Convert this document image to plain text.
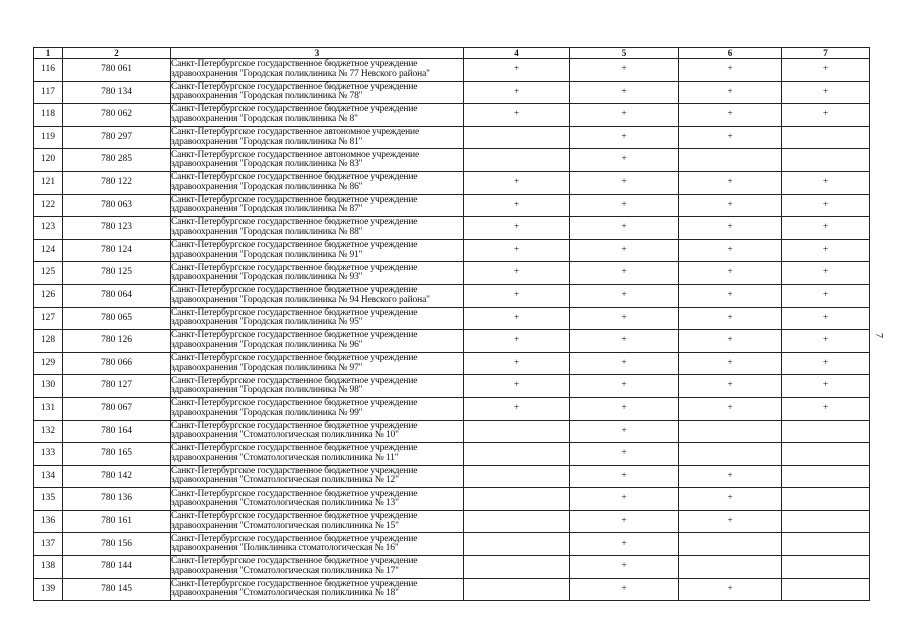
1	2	3	4	5	6	7
116	780 061	Санкт-Петербургское государственное бюджетное учреждение
здравоохранения "Городская поликлиника № 77 Невского района"	+	+	+	+
117	780 134	Санкт-Петербургское государственное бюджетное учреждение
здравоохранения "Городская поликлиника № 78"	+	+	+	+
118	780 062	Санкт-Петербургское государственное бюджетное учреждение
здравоохранения "Городская поликлиника № 8"	+	+	+	+
119	780 297	Санкт-Петербургское государственное автономное учреждение
здравоохранения "Городская поликлиника № 81"		+	+	
120	780 285	Санкт-Петербургское государственное автономное учреждение
здравоохранения "Городская поликлиника № 83"		+		
121	780 122	Санкт-Петербургское государственное бюджетное учреждение
здравоохранения "Городская поликлиника № 86"	+	+	+	+
122	780 063	Санкт-Петербургское государственное бюджетное учреждение
здравоохранения "Городская поликлиника № 87"	+	+	+	+
123	780 123	Санкт-Петербургское государственное бюджетное учреждение
здравоохранения "Городская поликлиника № 88"	+	+	+	+
124	780 124	Санкт-Петербургское государственное бюджетное учреждение
здравоохранения "Городская поликлиника № 91"	+	+	+	+
125	780 125	Санкт-Петербургское государственное бюджетное учреждение
здравоохранения "Городская поликлиника № 93"	+	+	+	+
126	780 064	Санкт-Петербургское государственное бюджетное учреждение
здравоохранения "Городская поликлиника № 94 Невского района"	+	+	+	+
127	780 065	Санкт-Петербургское государственное бюджетное учреждение
здравоохранения "Городская поликлиника № 95"	+	+	+	+
128	780 126	Санкт-Петербургское государственное бюджетное учреждение
здравоохранения "Городская поликлиника № 96"	+	+	+	+
129	780 066	Санкт-Петербургское государственное бюджетное учреждение
здравоохранения "Городская поликлиника № 97"	+	+	+	+
130	780 127	Санкт-Петербургское государственное бюджетное учреждение
здравоохранения "Городская поликлиника № 98"	+	+	+	+
131	780 067	Санкт-Петербургское государственное бюджетное учреждение
здравоохранения "Городская поликлиника № 99"	+	+	+	+
132	780 164	Санкт-Петербургское государственное бюджетное учреждение
здравоохранения "Стоматологическая поликлиника № 10"		+		
133	780 165	Санкт-Петербургское государственное бюджетное учреждение
здравоохранения "Стоматологическая поликлиника № 11"		+		
134	780 142	Санкт-Петербургское государственное бюджетное учреждение
здравоохранения "Стоматологическая поликлиника № 12"		+	+	
135	780 136	Санкт-Петербургское государственное бюджетное учреждение
здравоохранения "Стоматологическая поликлиника № 13"		+	+	
136	780 161	Санкт-Петербургское государственное бюджетное учреждение
здравоохранения "Стоматологическая поликлиника № 15"		+	+	
137	780 156	Санкт-Петербургское государственное бюджетное учреждение
здравоохранения "Поликлиника стоматологическая № 16"		+		
138	780 144	Санкт-Петербургское государственное бюджетное учреждение
здравоохранения "Стоматологическая поликлиника № 17"		+		
139	780 145	Санкт-Петербургское государственное бюджетное учреждение
здравоохранения "Стоматологическая поликлиника № 18"		+	+	
7
